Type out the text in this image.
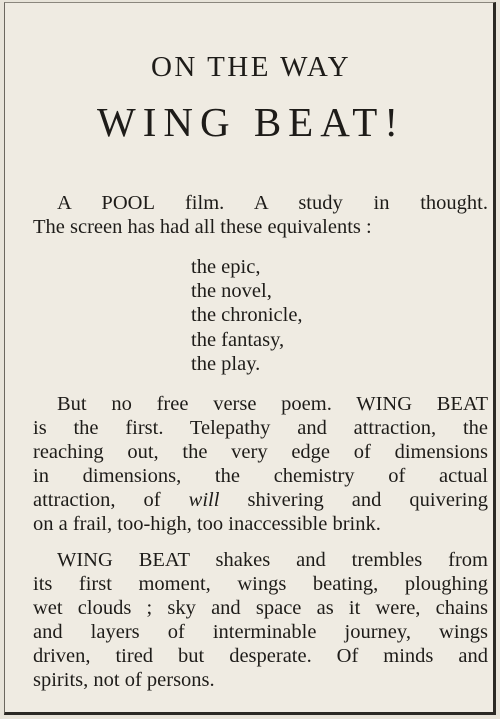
ON THE WAY
WING BEAT!
A POOL film. A study in thought.
The screen has had all these equivalents :
the epic,
the novel,
the chronicle,
the fantasy,
the play.
But no free verse poem. WING BEAT
is the first. Telepathy and attraction, the
reaching out, the very edge of dimensions
in dimensions, the chemistry of actual
attraction, of will shivering and quivering
on a frail, too-high, too inaccessible brink.
WING BEAT shakes and trembles from
its first moment, wings beating, ploughing
wet clouds ; sky and space as it were, chains
and layers of interminable journey, wings
driven, tired but desperate. Of minds and
spirits, not of persons.
